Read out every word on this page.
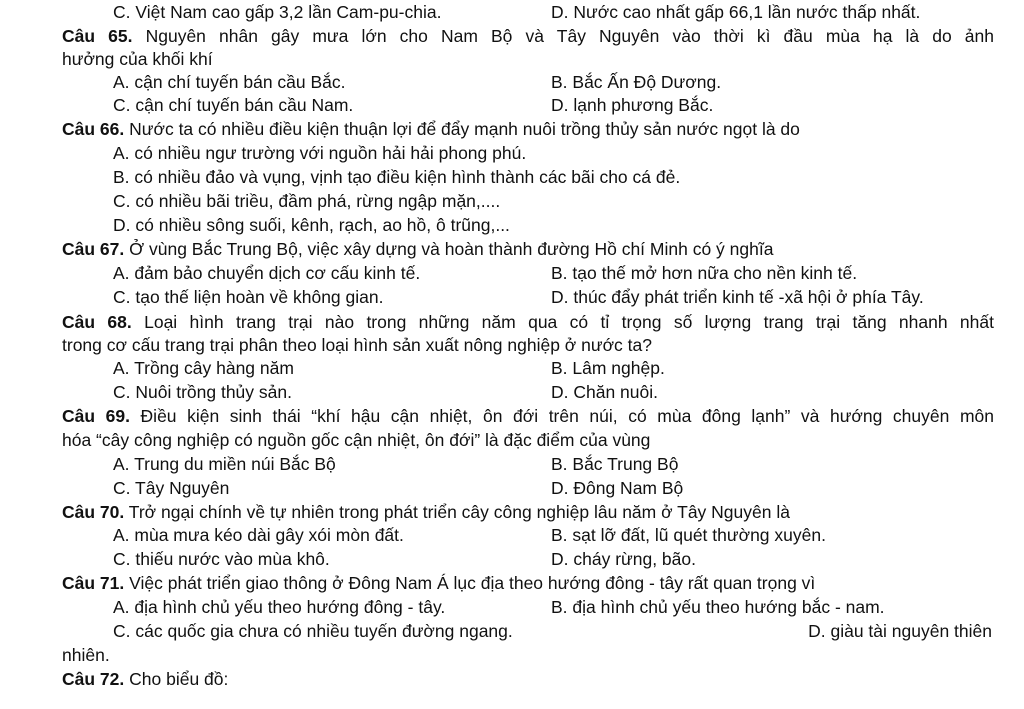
C. Việt Nam cao gấp 3,2 lần Cam-pu-chia.	D. Nước cao nhất gấp 66,1 lần nước thấp nhất.
Câu 65. Nguyên nhân gây mưa lớn cho Nam Bộ và Tây Nguyên vào thời kì đầu mùa hạ là do ảnh
hưởng của khối khí
A. cận chí tuyến bán cầu Bắc.	B. Bắc Ấn Độ Dương.
C. cận chí tuyến bán cầu Nam.	D. lạnh phương Bắc.
Câu 66. Nước ta có nhiều điều kiện thuận lợi để đẩy mạnh nuôi trồng thủy sản nước ngọt là do
A. có nhiều ngư trường với nguồn hải hải phong phú.
B. có nhiều đảo và vụng, vịnh tạo điều kiện hình thành các bãi cho cá đẻ.
C. có nhiều bãi triều, đầm phá, rừng ngập mặn,....
D. có nhiều sông suối, kênh, rạch, ao hồ, ô trũng,...
Câu 67. Ở vùng Bắc Trung Bộ, việc xây dựng và hoàn thành đường Hồ chí Minh có ý nghĩa
A. đảm bảo chuyển dịch cơ cấu kinh tế.	B. tạo thế mở hơn nữa cho nền kinh tế.
C. tạo thế liện hoàn về không gian.	D. thúc đẩy phát triển kinh tế -xã hội ở phía Tây.
Câu 68. Loại hình trang trại nào trong những năm qua có tỉ trọng số lượng trang trại tăng nhanh nhất
trong cơ cấu trang trại phân theo loại hình sản xuất nông nghiệp ở nước ta?
A. Trồng cây hàng năm	B. Lâm nghệp.
C. Nuôi trồng thủy sản.	D. Chăn nuôi.
Câu 69. Điều kiện sinh thái “khí hậu cận nhiệt, ôn đới trên núi, có mùa đông lạnh” và hướng chuyên môn
hóa “cây công nghiệp có nguồn gốc cận nhiệt, ôn đới” là đặc điểm của vùng
A. Trung du miền núi Bắc Bộ	B. Bắc Trung Bộ
C. Tây Nguyên	D. Đông Nam Bộ
Câu 70. Trở ngại chính về tự nhiên trong phát triển cây công nghiệp lâu năm ở Tây Nguyên là
A. mùa mưa kéo dài gây xói mòn đất.	B. sạt lỡ đất, lũ quét thường xuyên.
C. thiếu nước vào mùa khô.	D. cháy rừng, bão.
Câu 71. Việc phát triển giao thông ở Đông Nam Á lục địa theo hướng đông - tây rất quan trọng vì
A. địa hình chủ yếu theo hướng đông - tây.	B. địa hình chủ yếu theo hướng bắc - nam.
C. các quốc gia chưa có nhiều tuyến đường ngang.	D. giàu tài nguyên thiên
nhiên.
Câu 72. Cho biểu đồ:
